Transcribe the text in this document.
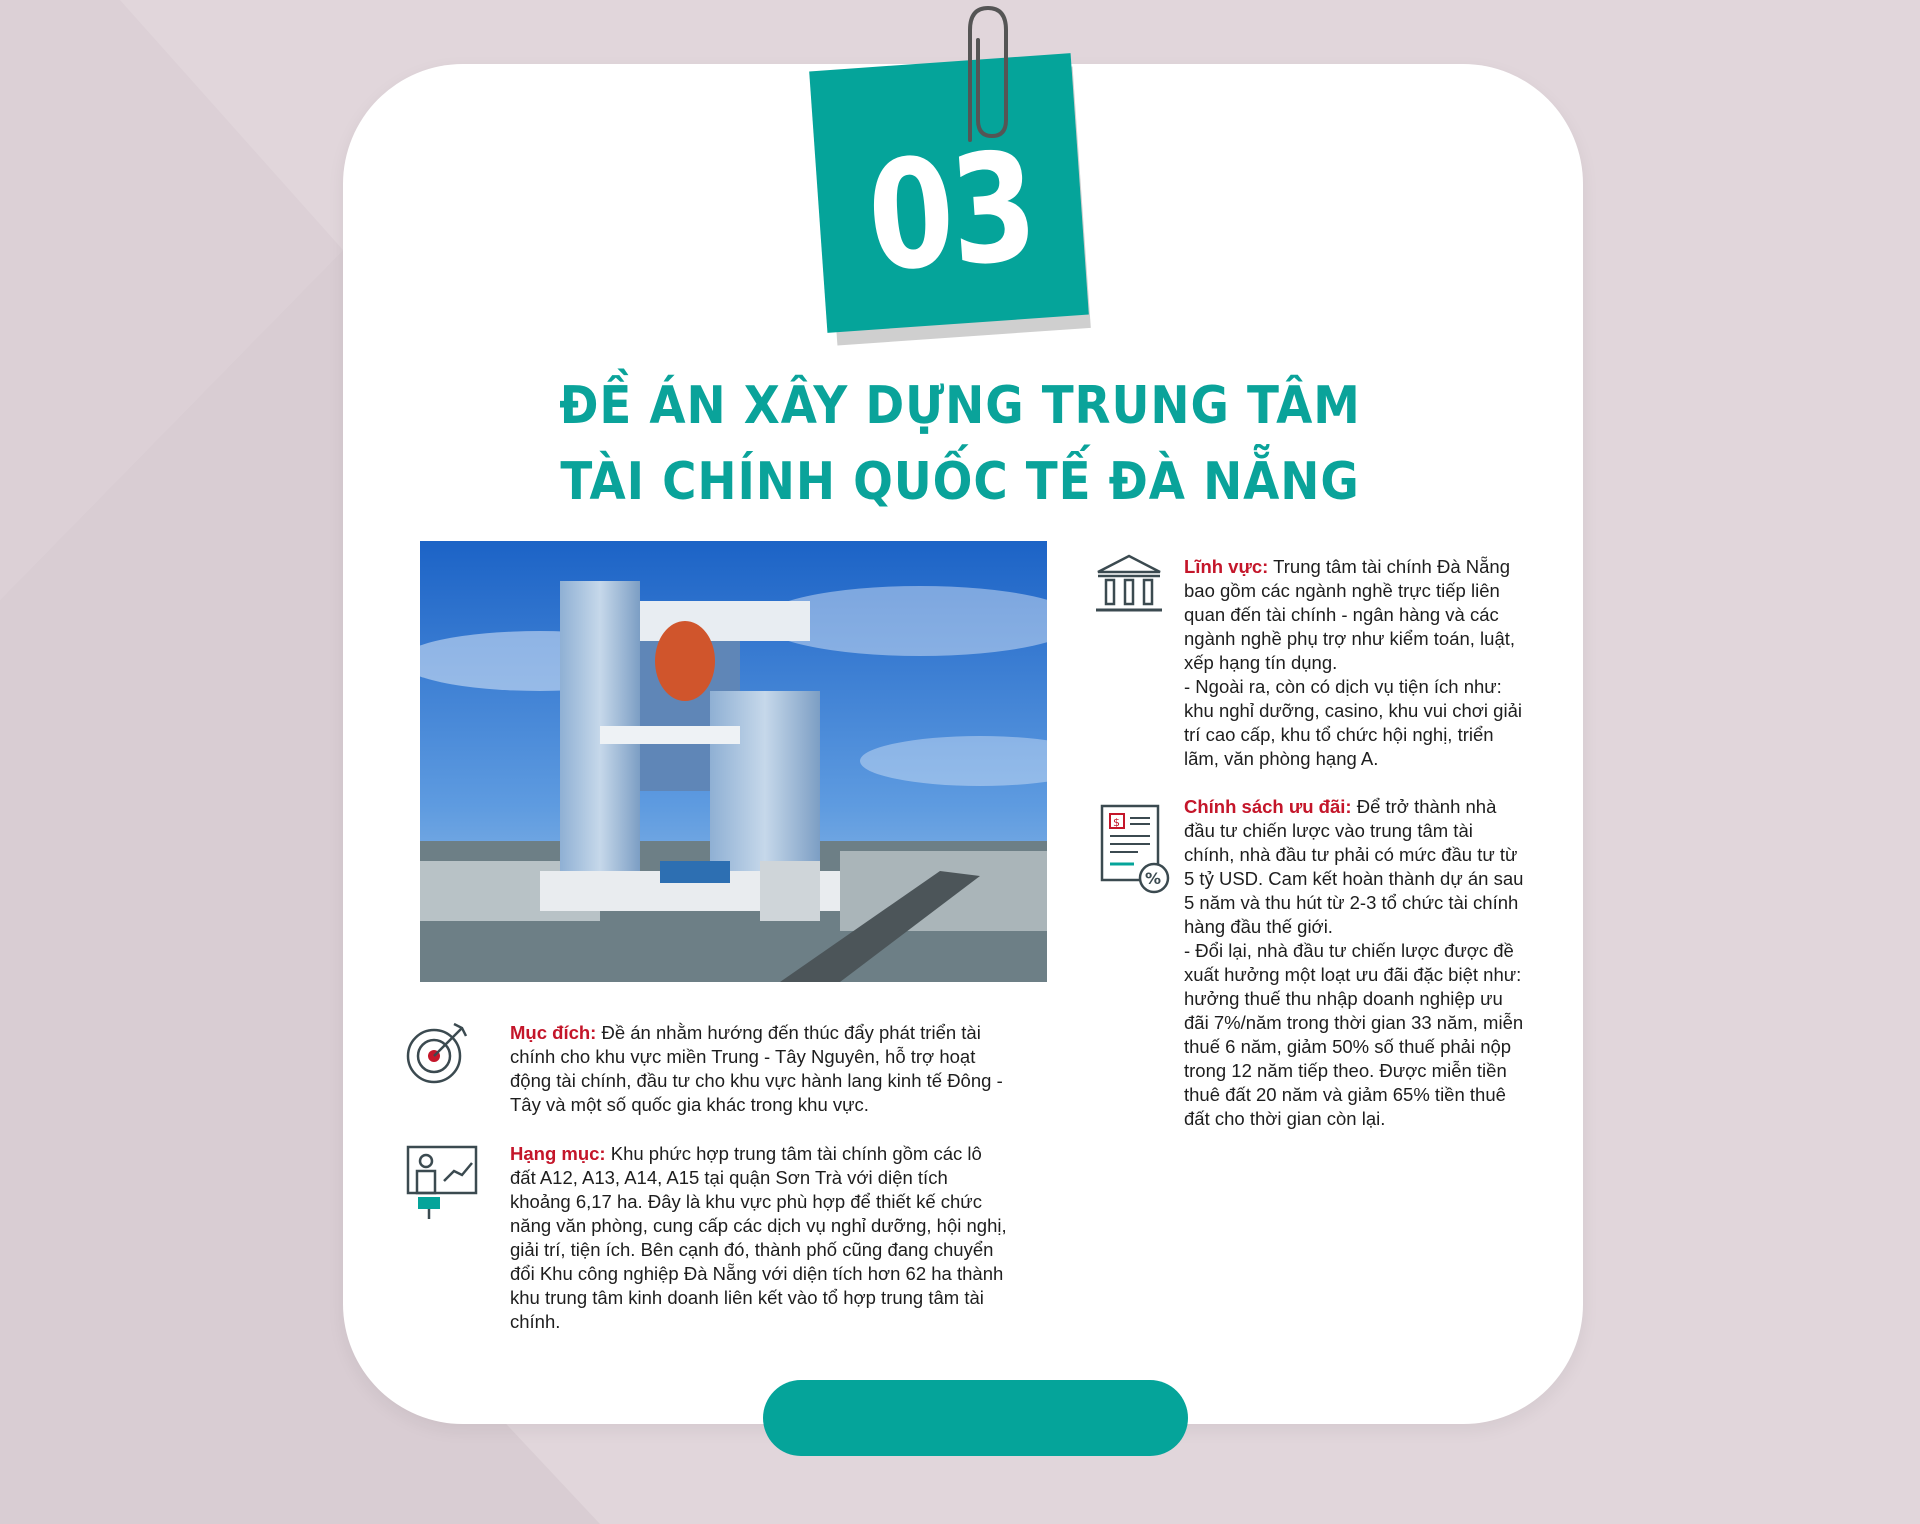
03
ĐỀ ÁN XÂY DỰNG TRUNG TÂM
TÀI CHÍNH QUỐC TẾ ĐÀ NẴNG
Mục đích: Đề án nhằm hướng đến thúc đẩy phát triển tài chính cho khu vực miền Trung - Tây Nguyên, hỗ trợ hoạt động tài chính, đầu tư cho khu vực hành lang kinh tế Đông - Tây và một số quốc gia khác trong khu vực.
Hạng mục: Khu phức hợp trung tâm tài chính gồm các lô đất A12, A13, A14, A15 tại quận Sơn Trà với diện tích khoảng 6,17 ha. Đây là khu vực phù hợp để thiết kế chức năng văn phòng, cung cấp các dịch vụ nghỉ dưỡng, hội nghị, giải trí, tiện ích. Bên cạnh đó, thành phố cũng đang chuyển đổi Khu công nghiệp Đà Nẵng với diện tích hơn 62 ha thành khu trung tâm kinh doanh liên kết vào tổ hợp trung tâm tài chính.
Lĩnh vực: Trung tâm tài chính Đà Nẵng bao gồm các ngành nghề trực tiếp liên quan đến tài chính - ngân hàng và các ngành nghề phụ trợ như kiểm toán, luật, xếp hạng tín dụng.
- Ngoài ra, còn có dịch vụ tiện ích như: khu nghỉ dưỡng, casino, khu vui chơi giải trí cao cấp, khu tổ chức hội nghị, triển lãm, văn phòng hạng A.
$
%
Chính sách ưu đãi: Để trở thành nhà đầu tư chiến lược vào trung tâm tài chính, nhà đầu tư phải có mức đầu tư từ 5 tỷ USD. Cam kết hoàn thành dự án sau 5 năm và thu hút từ 2-3 tổ chức tài chính hàng đầu thế giới.
- Đổi lại, nhà đầu tư chiến lược được đề xuất hưởng một loạt ưu đãi đặc biệt như: hưởng thuế thu nhập doanh nghiệp ưu đãi 7%/năm trong thời gian 33 năm, miễn thuế 6 năm, giảm 50% số thuế phải nộp trong 12 năm tiếp theo. Được miễn tiền thuê đất 20 năm và giảm 65% tiền thuê đất cho thời gian còn lại.
